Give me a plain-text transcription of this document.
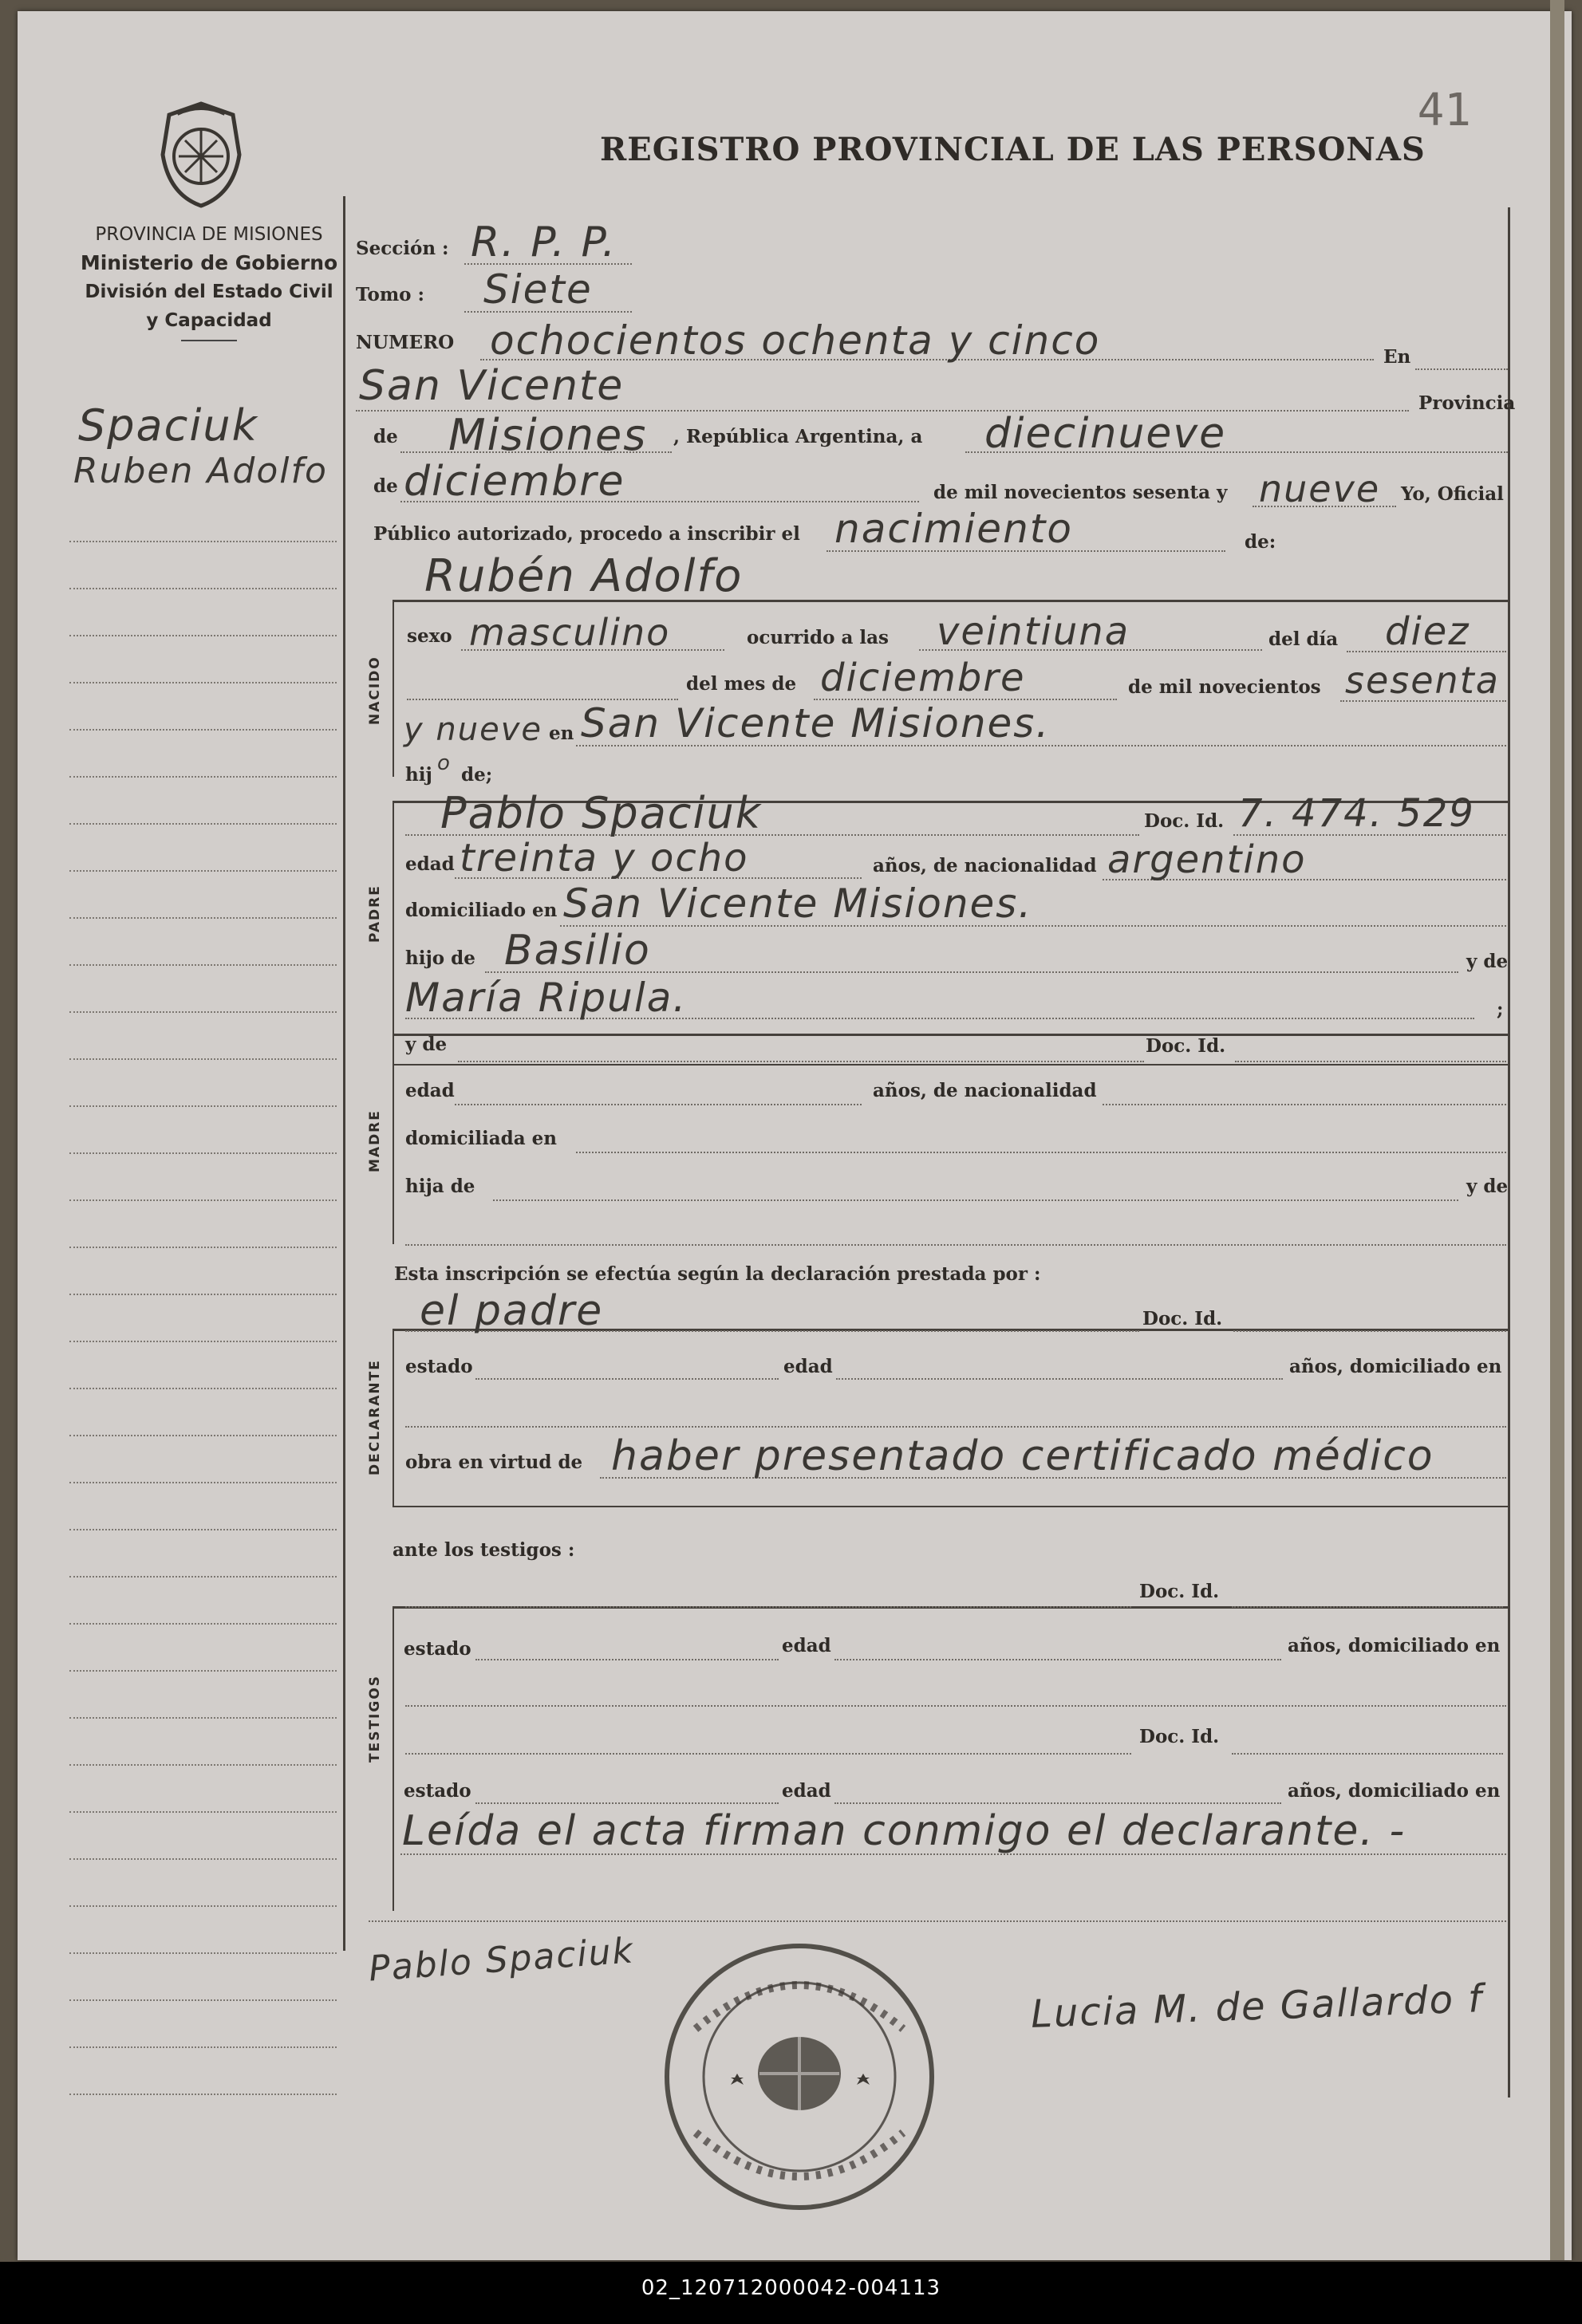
41
PROVINCIA DE MISIONES
Ministerio de Gobierno
División del Estado Civil
y Capacidad
REGISTRO PROVINCIAL DE LAS PERSONAS
Spaciuk
Ruben Adolfo
Sección : R. P. P.
Tomo : Siete
NUMERO ochocientos ochenta y cinco	En
San Vicente	Provincia
de Misiones , República Argentina, a diecinueve
de diciembre	de mil novecientos sesenta y nueve Yo, Oficial
Público autorizado, procedo a inscribir el nacimiento	de:
Rubén Adolfo
NACIDO
sexo masculino	ocurrido a las veintiuna	del día diez
del mes de diciembre	de mil novecientos sesenta
y nueve en San Vicente Misiones.
hij o de;
PADRE
Pablo Spaciuk	Doc. Id. 7. 474. 529
edad treinta y ocho	años, de nacionalidad argentino
domiciliado en San Vicente Misiones.
hijo de Basilio	y de
María Ripula.	;
MADRE
y de	Doc. Id.
edad	años, de nacionalidad
domiciliada en
hija de	y de
Esta inscripción se efectúa según la declaración prestada por :
DECLARANTE
el padre	Doc. Id.
estado	edad	años, domiciliado en
obra en virtud de haber presentado certificado médico
ante los testigos :
TESTIGOS
Doc. Id.
estado	edad	años, domiciliado en
Doc. Id.
estado	edad	años, domiciliado en
Leída el acta firman conmigo el declarante. -
Pablo Spaciuk
Lucia M. de Gallardo f
02_120712000042-004113
